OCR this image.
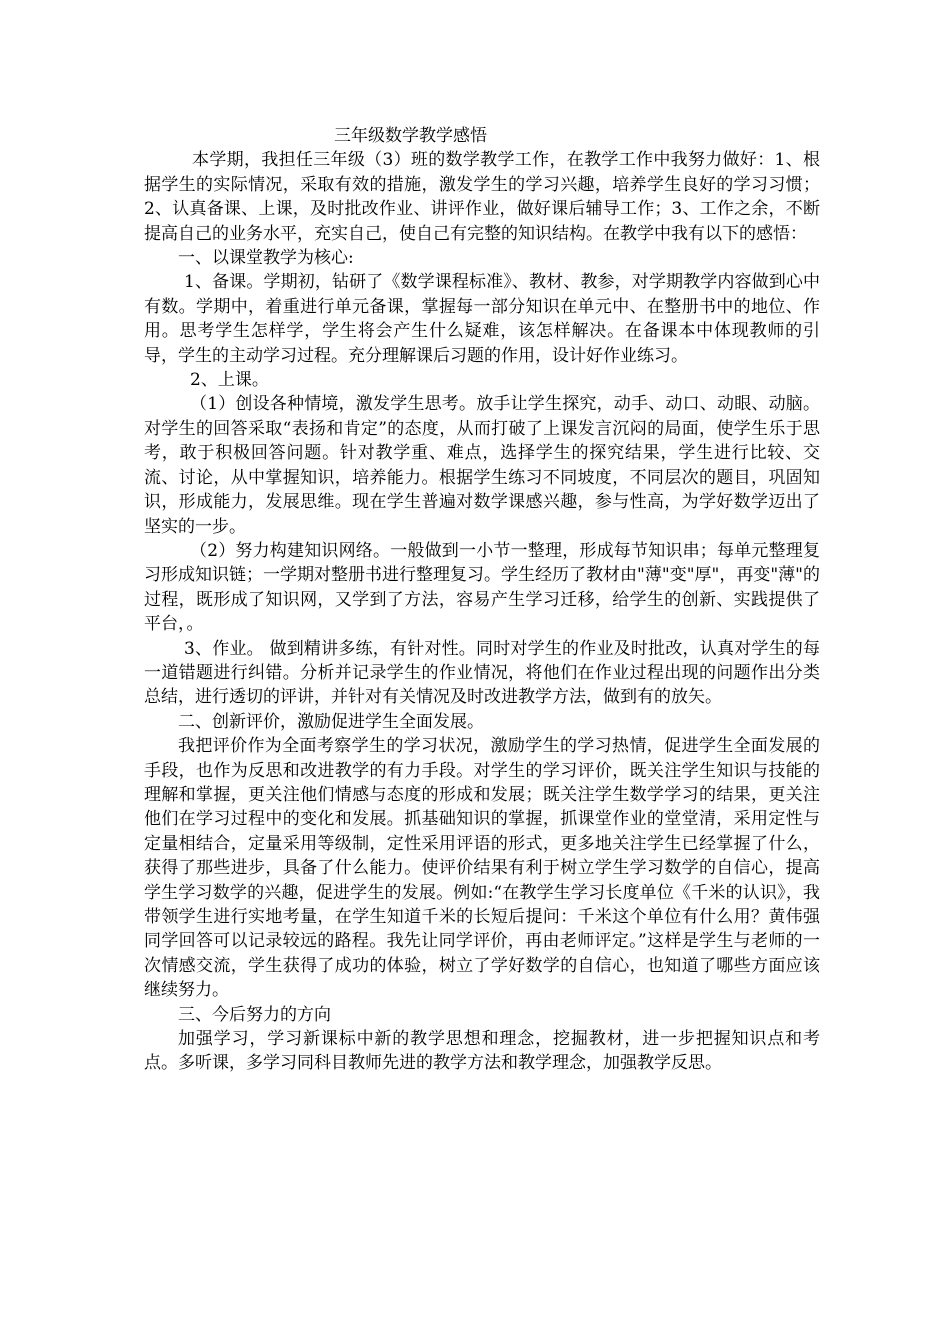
三年级数学教学感悟

本学期，我担任三年级（3）班的数学教学工作，在教学工作中我努力做好：1、根据学生的实际情况，采取有效的措施，激发学生的学习兴趣，培养学生良好的学习习惯；2、认真备课、上课，及时批改作业、讲评作业，做好课后辅导工作；3、工作之余，不断提高自己的业务水平，充实自己，使自己有完整的知识结构。在教学中我有以下的感悟：

一、以课堂教学为核心:

1、备课。学期初，钻研了《数学课程标准》、教材、教参，对学期教学内容做到心中有数。学期中，着重进行单元备课，掌握每一部分知识在单元中、在整册书中的地位、作用。思考学生怎样学，学生将会产生什么疑难，该怎样解决。在备课本中体现教师的引导，学生的主动学习过程。充分理解课后习题的作用，设计好作业练习。

2、上课。

（1）创设各种情境，激发学生思考。放手让学生探究，动手、动口、动眼、动脑。对学生的回答采取“表扬和肯定”的态度，从而打破了上课发言沉闷的局面，使学生乐于思考，敢于积极回答问题。针对教学重、难点，选择学生的探究结果，学生进行比较、交流、讨论，从中掌握知识，培养能力。根据学生练习不同坡度，不同层次的题目，巩固知识，形成能力，发展思维。现在学生普遍对数学课感兴趣，参与性高，为学好数学迈出了坚实的一步。

（2）努力构建知识网络。一般做到一小节一整理，形成每节知识串；每单元整理复习形成知识链；一学期对整册书进行整理复习。学生经历了教材由"薄"变"厚"，再变"薄"的过程，既形成了知识网，又学到了方法，容易产生学习迁移，给学生的创新、实践提供了平台，。

3、作业。 做到精讲多练，有针对性。同时对学生的作业及时批改，认真对学生的每一道错题进行纠错。分析并记录学生的作业情况，将他们在作业过程出现的问题作出分类总结，进行透切的评讲，并针对有关情况及时改进教学方法，做到有的放矢。

二、创新评价，激励促进学生全面发展。

我把评价作为全面考察学生的学习状况，激励学生的学习热情，促进学生全面发展的手段，也作为反思和改进教学的有力手段。对学生的学习评价，既关注学生知识与技能的理解和掌握，更关注他们情感与态度的形成和发展；既关注学生数学学习的结果，更关注他们在学习过程中的变化和发展。抓基础知识的掌握，抓课堂作业的堂堂清，采用定性与定量相结合，定量采用等级制，定性采用评语的形式，更多地关注学生已经掌握了什么，获得了那些进步，具备了什么能力。使评价结果有利于树立学生学习数学的自信心，提高学生学习数学的兴趣，促进学生的发展。例如:“在教学生学习长度单位《千米的认识》，我带领学生进行实地考量，在学生知道千米的长短后提问：千米这个单位有什么用？黄伟强同学回答可以记录较远的路程。我先让同学评价，再由老师评定。”这样是学生与老师的一次情感交流，学生获得了成功的体验，树立了学好数学的自信心，也知道了哪些方面应该继续努力。

三、今后努力的方向

加强学习，学习新课标中新的教学思想和理念，挖掘教材，进一步把握知识点和考点。多听课，多学习同科目教师先进的教学方法和教学理念，加强教学反思。
